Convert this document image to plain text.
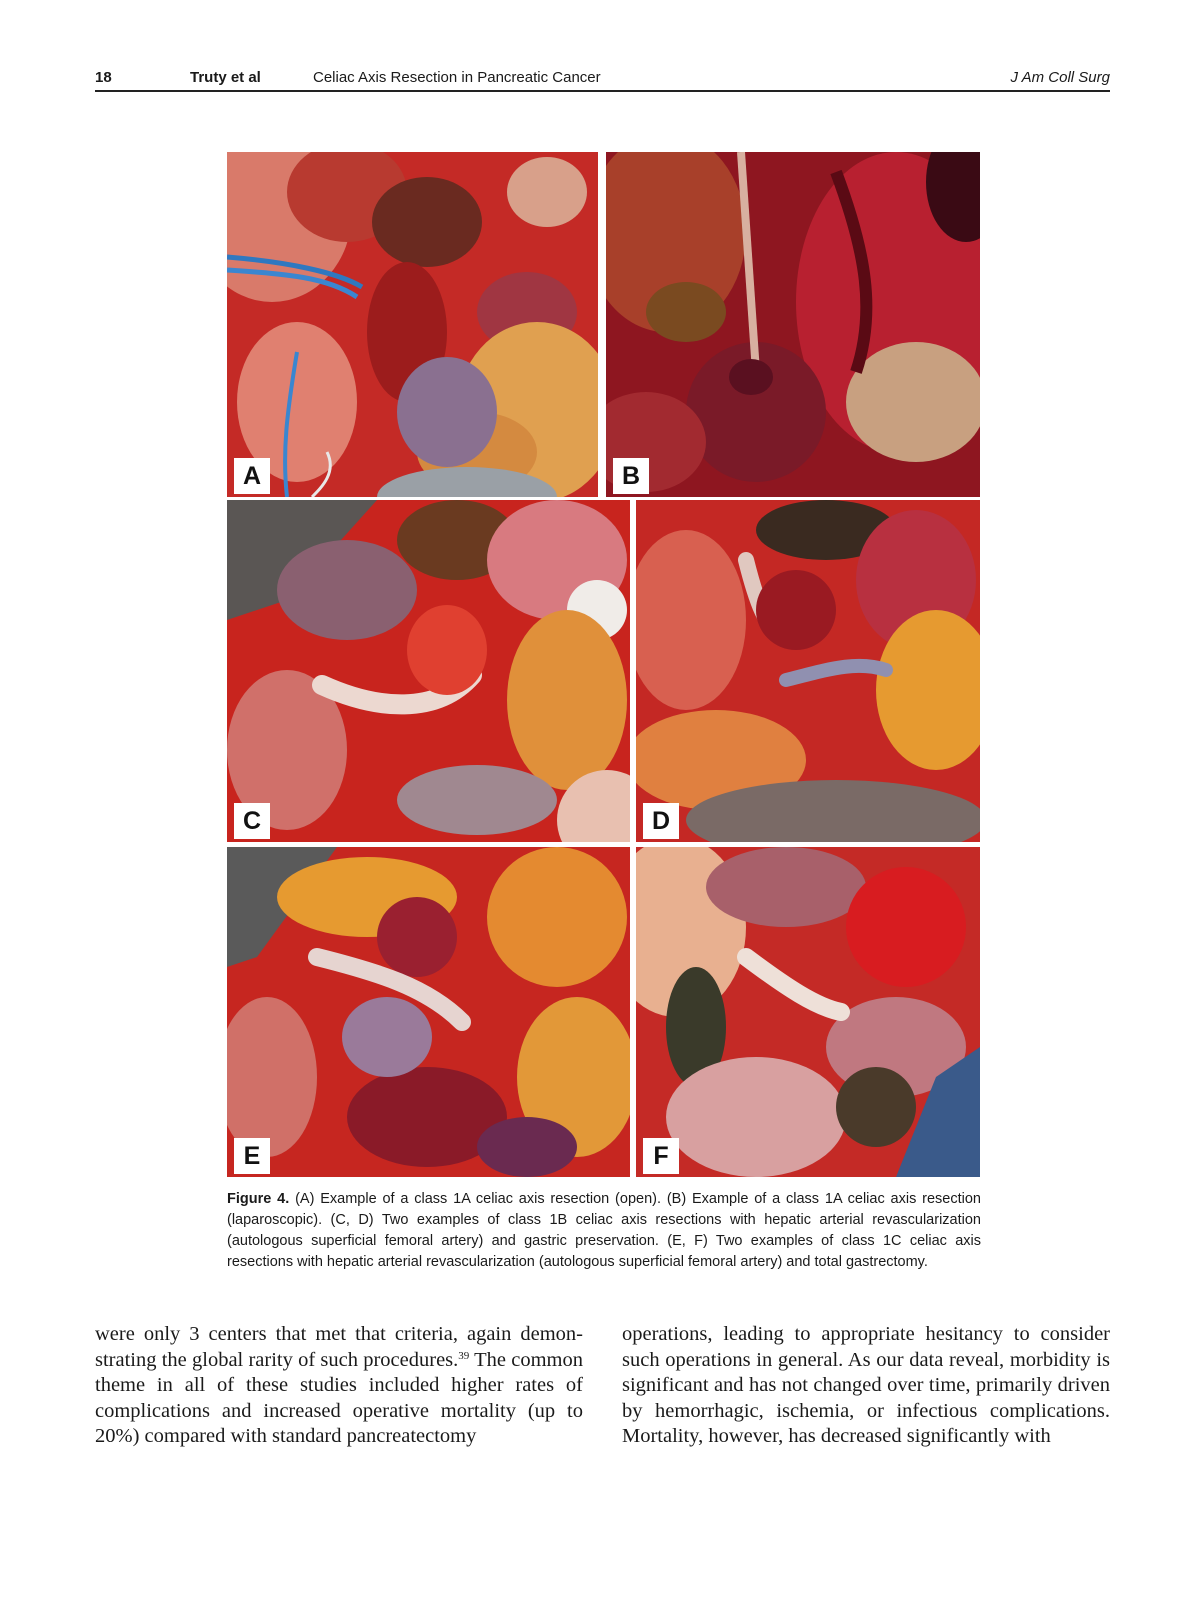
18	Truty et al	Celiac Axis Resection in Pancreatic Cancer	J Am Coll Surg
A	B
C	D
E	F

Figure 4. (A) Example of a class 1A celiac axis resection (open). (B) Example of a class 1A celiac axis resection (laparoscopic). (C, D) Two examples of class 1B celiac axis resections with hepatic arterial revascularization (autologous superficial femoral artery) and gastric preservation. (E, F) Two examples of class 1C celiac axis resections with hepatic arterial revascularization (autologous superficial femoral artery) and total gastrectomy.

were only 3 centers that met that criteria, again demonstrating the global rarity of such procedures.$^{39}$ The common theme in all of these studies included higher rates of complications and increased operative mortality (up to 20%) compared with standard pancreatectomy

operations, leading to appropriate hesitancy to consider such operations in general. As our data reveal, morbidity is significant and has not changed over time, primarily driven by hemorrhagic, ischemia, or infectious complications. Mortality, however, has decreased significantly with
